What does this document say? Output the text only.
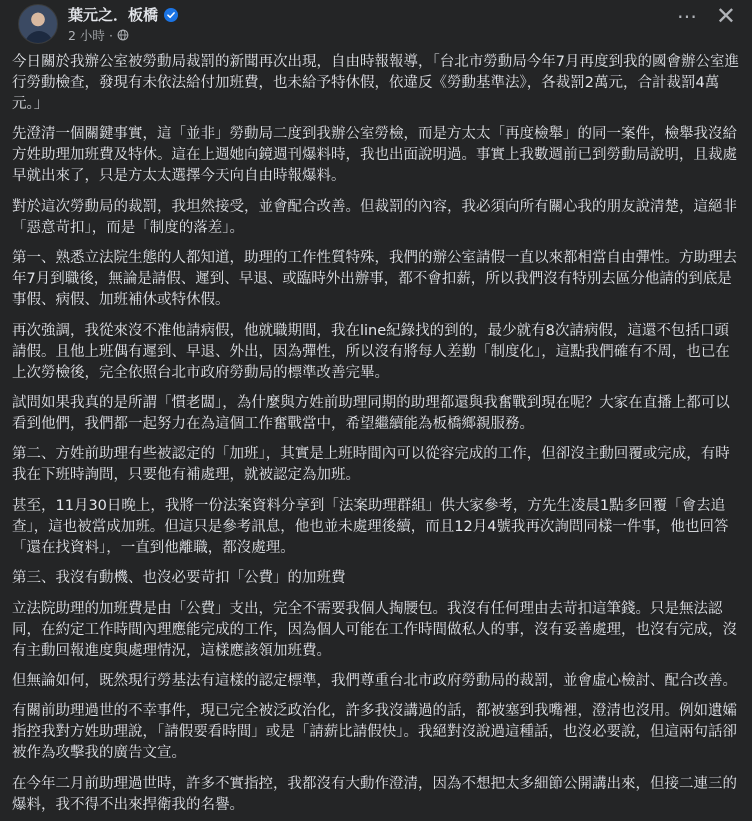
葉元之．板橋
2 小時 ·
⋯ ✕

今日關於我辦公室被勞動局裁罰的新聞再次出現，自由時報報導，「台北市勞動局今年7月再度到我的國會辦公室進行勞動檢查，發現有未依法給付加班費，也未給予特休假，依違反《勞動基準法》，各裁罰2萬元，合計裁罰4萬元。」

先澄清一個關鍵事實，這「並非」勞動局二度到我辦公室勞檢，而是方太太「再度檢舉」的同一案件，檢舉我沒給方姓助理加班費及特休。這在上週她向鏡週刊爆料時，我也出面說明過。事實上我數週前已到勞動局說明，且裁處早就出來了，只是方太太選擇今天向自由時報爆料。

對於這次勞動局的裁罰，我坦然接受，並會配合改善。但裁罰的內容，我必須向所有關心我的朋友說清楚，這絕非「惡意苛扣」，而是「制度的落差」。

第一、熟悉立法院生態的人都知道，助理的工作性質特殊，我們的辦公室請假一直以來都相當自由彈性。方助理去年7月到職後，無論是請假、遲到、早退、或臨時外出辦事，都不會扣薪，所以我們沒有特別去區分他請的到底是事假、病假、加班補休或特休假。

再次強調，我從來沒不准他請病假，他就職期間，我在line紀錄找的到的，最少就有8次請病假，這還不包括口頭請假。且他上班偶有遲到、早退、外出，因為彈性，所以沒有將每人差勤「制度化」，這點我們確有不周，也已在上次勞檢後，完全依照台北市政府勞動局的標準改善完畢。

試問如果我真的是所謂「慣老闆」，為什麼與方姓前助理同期的助理都還與我奮戰到現在呢？大家在直播上都可以看到他們，我們都一起努力在為這個工作奮戰當中，希望繼續能為板橋鄉親服務。

第二、方姓前助理有些被認定的「加班」，其實是上班時間內可以從容完成的工作，但卻沒主動回覆或完成，有時我在下班時詢問，只要他有補處理，就被認定為加班。

甚至，11月30日晚上，我將一份法案資料分享到「法案助理群組」供大家參考，方先生凌晨1點多回覆「會去追查」，這也被當成加班。但這只是參考訊息，他也並未處理後續，而且12月4號我再次詢問同樣一件事，他也回答「還在找資料」，一直到他離職，都沒處理。

第三、我沒有動機、也沒必要苛扣「公費」的加班費

立法院助理的加班費是由「公費」支出，完全不需要我個人掏腰包。我沒有任何理由去苛扣這筆錢。只是無法認同，在約定工作時間內理應能完成的工作，因為個人可能在工作時間做私人的事，沒有妥善處理，也沒有完成，沒有主動回報進度與處理情況，這樣應該領加班費。

但無論如何，既然現行勞基法有這樣的認定標準，我們尊重台北市政府勞動局的裁罰，並會虛心檢討、配合改善。

有關前助理過世的不幸事件，現已完全被泛政治化，許多我沒講過的話，都被塞到我嘴裡，澄清也沒用。例如遺孀指控我對方姓助理說，「請假要看時間」或是「請薪比請假快」。我絕對沒說過這種話，也沒必要說，但這兩句話卻被作為攻擊我的廣告文宣。

在今年二月前助理過世時，許多不實指控，我都沒有大動作澄清，因為不想把太多細節公開講出來，但接二連三的爆料，我不得不出來捍衛我的名譽。
